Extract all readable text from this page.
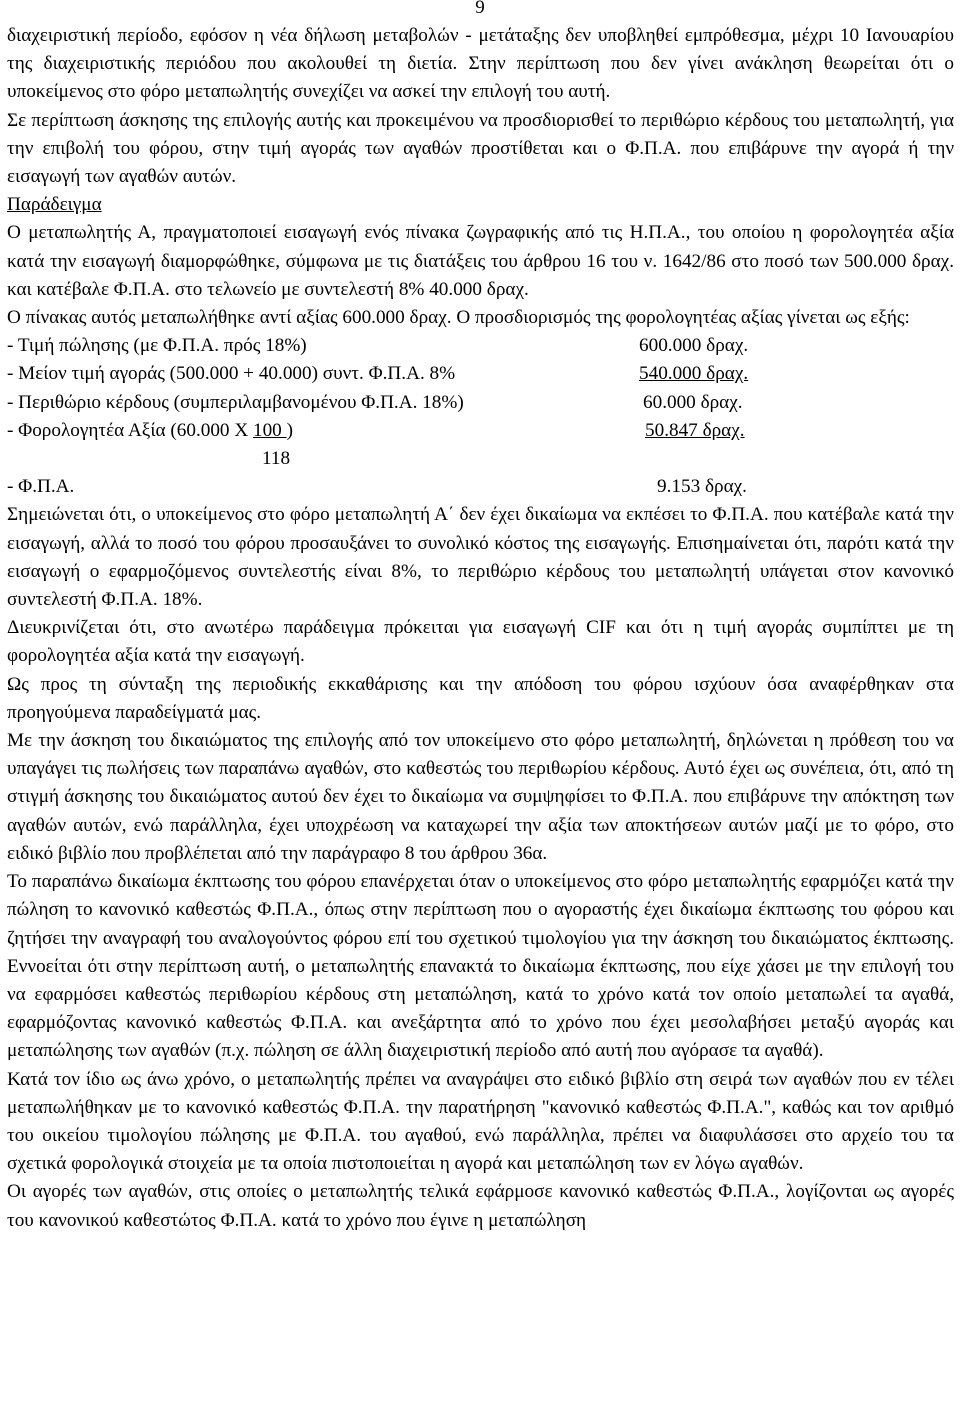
9

διαχειριστική περίοδο, εφόσον η νέα δήλωση μεταβολών - μετάταξης δεν υποβληθεί εμπρόθεσμα, μέχρι 10 Ιανουαρίου της διαχειριστικής περιόδου που ακολουθεί τη διετία. Στην περίπτωση που δεν γίνει ανάκληση θεωρείται ότι ο υποκείμενος στο φόρο μεταπωλητής συνεχίζει να ασκεί την επιλογή του αυτή.

Σε περίπτωση άσκησης της επιλογής αυτής και προκειμένου να προσδιορισθεί το περιθώριο κέρδους του μεταπωλητή, για την επιβολή του φόρου, στην τιμή αγοράς των αγαθών προστίθεται και ο Φ.Π.Α. που επιβάρυνε την αγορά ή την εισαγωγή των αγαθών αυτών.

Παράδειγμα

Ο μεταπωλητής Α, πραγματοποιεί εισαγωγή ενός πίνακα ζωγραφικής από τις Η.Π.Α., του οποίου η φορολογητέα αξία κατά την εισαγωγή διαμορφώθηκε, σύμφωνα με τις διατάξεις του άρθρου 16 του ν. 1642/86 στο ποσό των 500.000 δραχ. και κατέβαλε Φ.Π.Α. στο τελωνείο με συντελεστή 8% 40.000 δραχ.

Ο πίνακας αυτός μεταπωλήθηκε αντί αξίας 600.000 δραχ. Ο προσδιορισμός της φορολογητέας αξίας γίνεται ως εξής:

- Τιμή πώλησης (με Φ.Π.Α. πρός 18%)	600.000 δραχ.
- Μείον τιμή αγοράς (500.000 + 40.000) συντ. Φ.Π.Α. 8%	540.000 δραχ.
- Περιθώριο κέρδους (συμπεριλαμβανομένου Φ.Π.Α. 18%)	60.000 δραχ.
- Φορολογητέα Αξία (60.000 Χ 100 )	50.847 δραχ.

118

- Φ.Π.Α.	9.153 δραχ.

Σημειώνεται ότι, ο υποκείμενος στο φόρο μεταπωλητή Α΄ δεν έχει δικαίωμα να εκπέσει το Φ.Π.Α. που κατέβαλε κατά την εισαγωγή, αλλά το ποσό του φόρου προσαυξάνει το συνολικό κόστος της εισαγωγής. Επισημαίνεται ότι, παρότι κατά την εισαγωγή ο εφαρμοζόμενος συντελεστής είναι 8%, το περιθώριο κέρδους του μεταπωλητή υπάγεται στον κανονικό συντελεστή Φ.Π.Α. 18%.

Διευκρινίζεται ότι, στο ανωτέρω παράδειγμα πρόκειται για εισαγωγή CIF και ότι η τιμή αγοράς συμπίπτει με τη φορολογητέα αξία κατά την εισαγωγή.

Ως προς τη σύνταξη της περιοδικής εκκαθάρισης και την απόδοση του φόρου ισχύουν όσα αναφέρθηκαν στα προηγούμενα παραδείγματά μας.

Με την άσκηση του δικαιώματος της επιλογής από τον υποκείμενο στο φόρο μεταπωλητή, δηλώνεται η πρόθεση του να υπαγάγει τις πωλήσεις των παραπάνω αγαθών, στο καθεστώς του περιθωρίου κέρδους. Αυτό έχει ως συνέπεια, ότι, από τη στιγμή άσκησης του δικαιώματος αυτού δεν έχει το δικαίωμα να συμψηφίσει το Φ.Π.Α. που επιβάρυνε την απόκτηση των αγαθών αυτών, ενώ παράλληλα, έχει υποχρέωση να καταχωρεί την αξία των αποκτήσεων αυτών μαζί με το φόρο, στο ειδικό βιβλίο που προβλέπεται από την παράγραφο 8 του άρθρου 36α.

Το παραπάνω δικαίωμα έκπτωσης του φόρου επανέρχεται όταν ο υποκείμενος στο φόρο μεταπωλητής εφαρμόζει κατά την πώληση το κανονικό καθεστώς Φ.Π.Α., όπως στην περίπτωση που ο αγοραστής έχει δικαίωμα έκπτωσης του φόρου και ζητήσει την αναγραφή του αναλογούντος φόρου επί του σχετικού τιμολογίου για την άσκηση του δικαιώματος έκπτωσης. Εννοείται ότι στην περίπτωση αυτή, ο μεταπωλητής επανακτά το δικαίωμα έκπτωσης, που είχε χάσει με την επιλογή του να εφαρμόσει καθεστώς περιθωρίου κέρδους στη μεταπώληση, κατά το χρόνο κατά τον οποίο μεταπωλεί τα αγαθά, εφαρμόζοντας κανονικό καθεστώς Φ.Π.Α. και ανεξάρτητα από το χρόνο που έχει μεσολαβήσει μεταξύ αγοράς και μεταπώλησης των αγαθών (π.χ. πώληση σε άλλη διαχειριστική περίοδο από αυτή που αγόρασε τα αγαθά).

Κατά τον ίδιο ως άνω χρόνο, ο μεταπωλητής πρέπει να αναγράψει στο ειδικό βιβλίο στη σειρά των αγαθών που εν τέλει μεταπωλήθηκαν με το κανονικό καθεστώς Φ.Π.Α. την παρατήρηση "κανονικό καθεστώς Φ.Π.Α.", καθώς και τον αριθμό του οικείου τιμολογίου πώλησης με Φ.Π.Α. του αγαθού, ενώ παράλληλα, πρέπει να διαφυλάσσει στο αρχείο του τα σχετικά φορολογικά στοιχεία με τα οποία πιστοποιείται η αγορά και μεταπώληση των εν λόγω αγαθών.

Οι αγορές των αγαθών, στις οποίες ο μεταπωλητής τελικά εφάρμοσε κανονικό καθεστώς Φ.Π.Α., λογίζονται ως αγορές του κανονικού καθεστώτος Φ.Π.Α. κατά το χρόνο που έγινε η μεταπώληση
